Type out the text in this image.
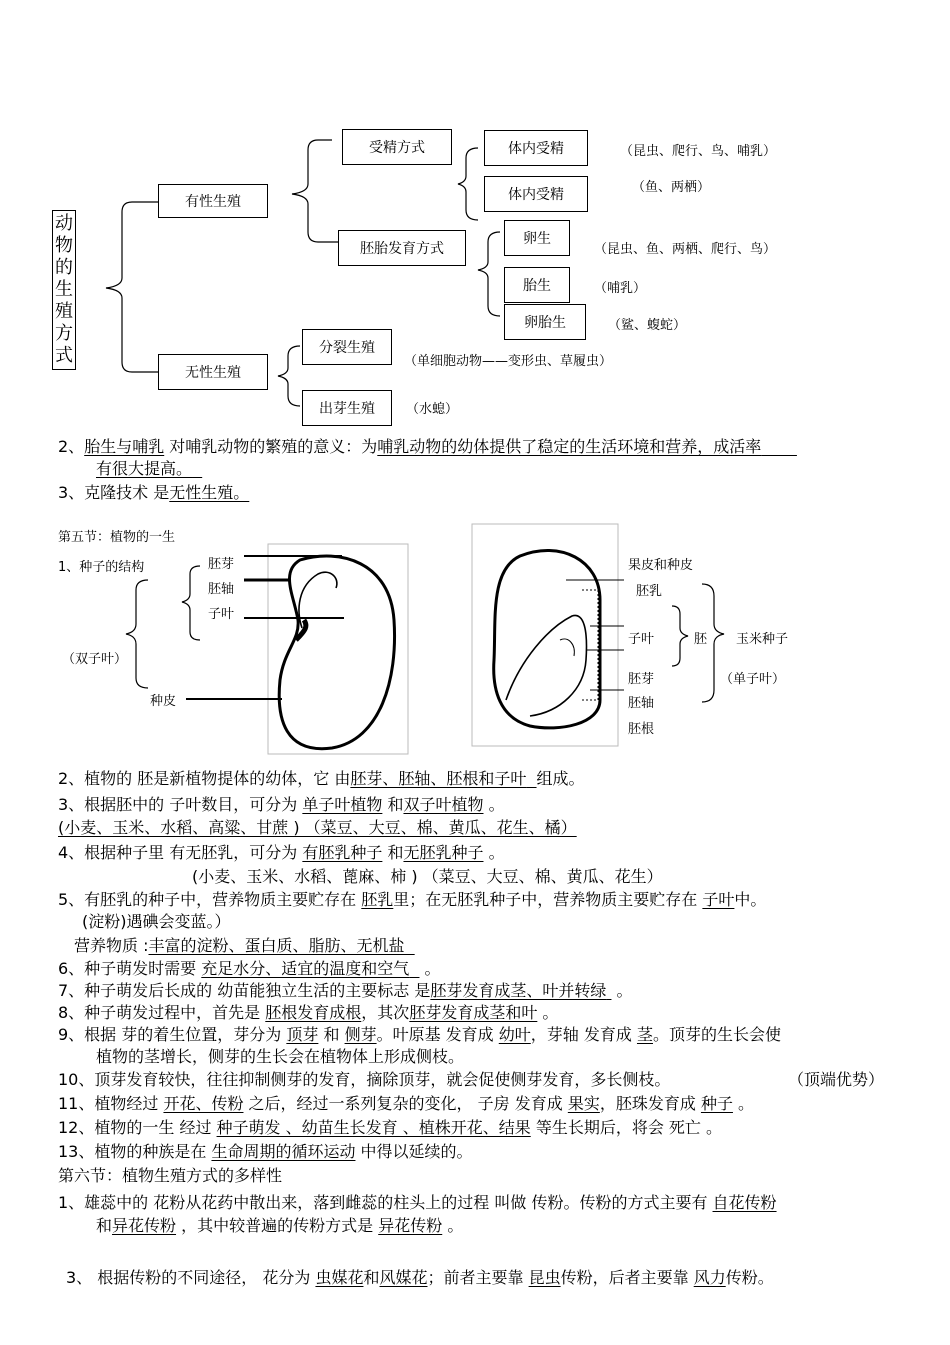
动物的生殖方式
有性生殖
受精方式	体内受精
体内受精
（昆虫、爬行、鸟、哺乳）
（鱼、两栖）
胚胎发育方式
卵生
（昆虫、鱼、两栖、爬行、鸟）
胎生	（哺乳）
卵胎生	（鲨、蝮蛇）
无性生殖
分裂生殖
（单细胞动物——变形虫、草履虫）
出芽生殖	（水螅）
2、胎生与哺乳 对哺乳动物的繁殖的意义：为哺乳动物的幼体提供了稳定的生活环境和营养，成活率
有很大提高。
3、克隆技术 是无性生殖。
第五节：植物的一生
1、种子的结构
（双子叶）
胚芽
胚轴
子叶
种皮
果皮和种皮
胚乳
子叶
胚芽
胚轴
胚根
胚 玉米种子
（单子叶）
2、植物的 胚是新植物提体的幼体，它 由胚芽、胚轴、胚根和子叶 组成。
3、根据胚中的 子叶数目，可分为 单子叶植物 和双子叶植物 。
(小麦、玉米、水稻、高粱、甘蔗 ) （菜豆、大豆、棉、黄瓜、花生、橘）
4、根据种子里 有无胚乳，可分为 有胚乳种子 和无胚乳种子 。
(小麦、玉米、水稻、蓖麻、柿 ) （菜豆、大豆、棉、黄瓜、花生）
5、有胚乳的种子中，营养物质主要贮存在 胚乳里；在无胚乳种子中，营养物质主要贮存在 子叶中。
(淀粉)遇碘会变蓝。）
营养物质 :丰富的淀粉、蛋白质、脂肪、无机盐
6、种子萌发时需要 充足水分、适宜的温度和空气   。
7、种子萌发后长成的 幼苗能独立生活的主要标志 是胚芽发育成茎、叶并转绿  。
8、种子萌发过程中，首先是 胚根发育成根，其次胚芽发育成茎和叶 。
9、根据 芽的着生位置，芽分为 顶芽 和 侧芽。叶原基 发育成 幼叶，芽轴 发育成 茎。顶芽的生长会使
植物的茎增长，侧芽的生长会在植物体上形成侧枝。
10、顶芽发育较快，往往抑制侧芽的发育，摘除顶芽，就会促使侧芽发育，多长侧枝。	（顶端优势）
11、植物经过 开花、传粉 之后，经过一系列复杂的变化， 子房 发育成 果实，胚珠发育成 种子 。
12、植物的一生 经过 种子萌发 、幼苗生长发育 、植株开花、结果 等生长期后，将会 死亡 。
13、植物的种族是在 生命周期的循环运动 中得以延续的。
第六节：植物生殖方式的多样性
1、雄蕊中的 花粉从花药中散出来，落到雌蕊的柱头上的过程 叫做 传粉。传粉的方式主要有 自花传粉
和异花传粉 ，其中较普遍的传粉方式是 异花传粉 。
3、 根据传粉的不同途径， 花分为 虫媒花和风媒花；前者主要靠 昆虫传粉，后者主要靠 风力传粉。
